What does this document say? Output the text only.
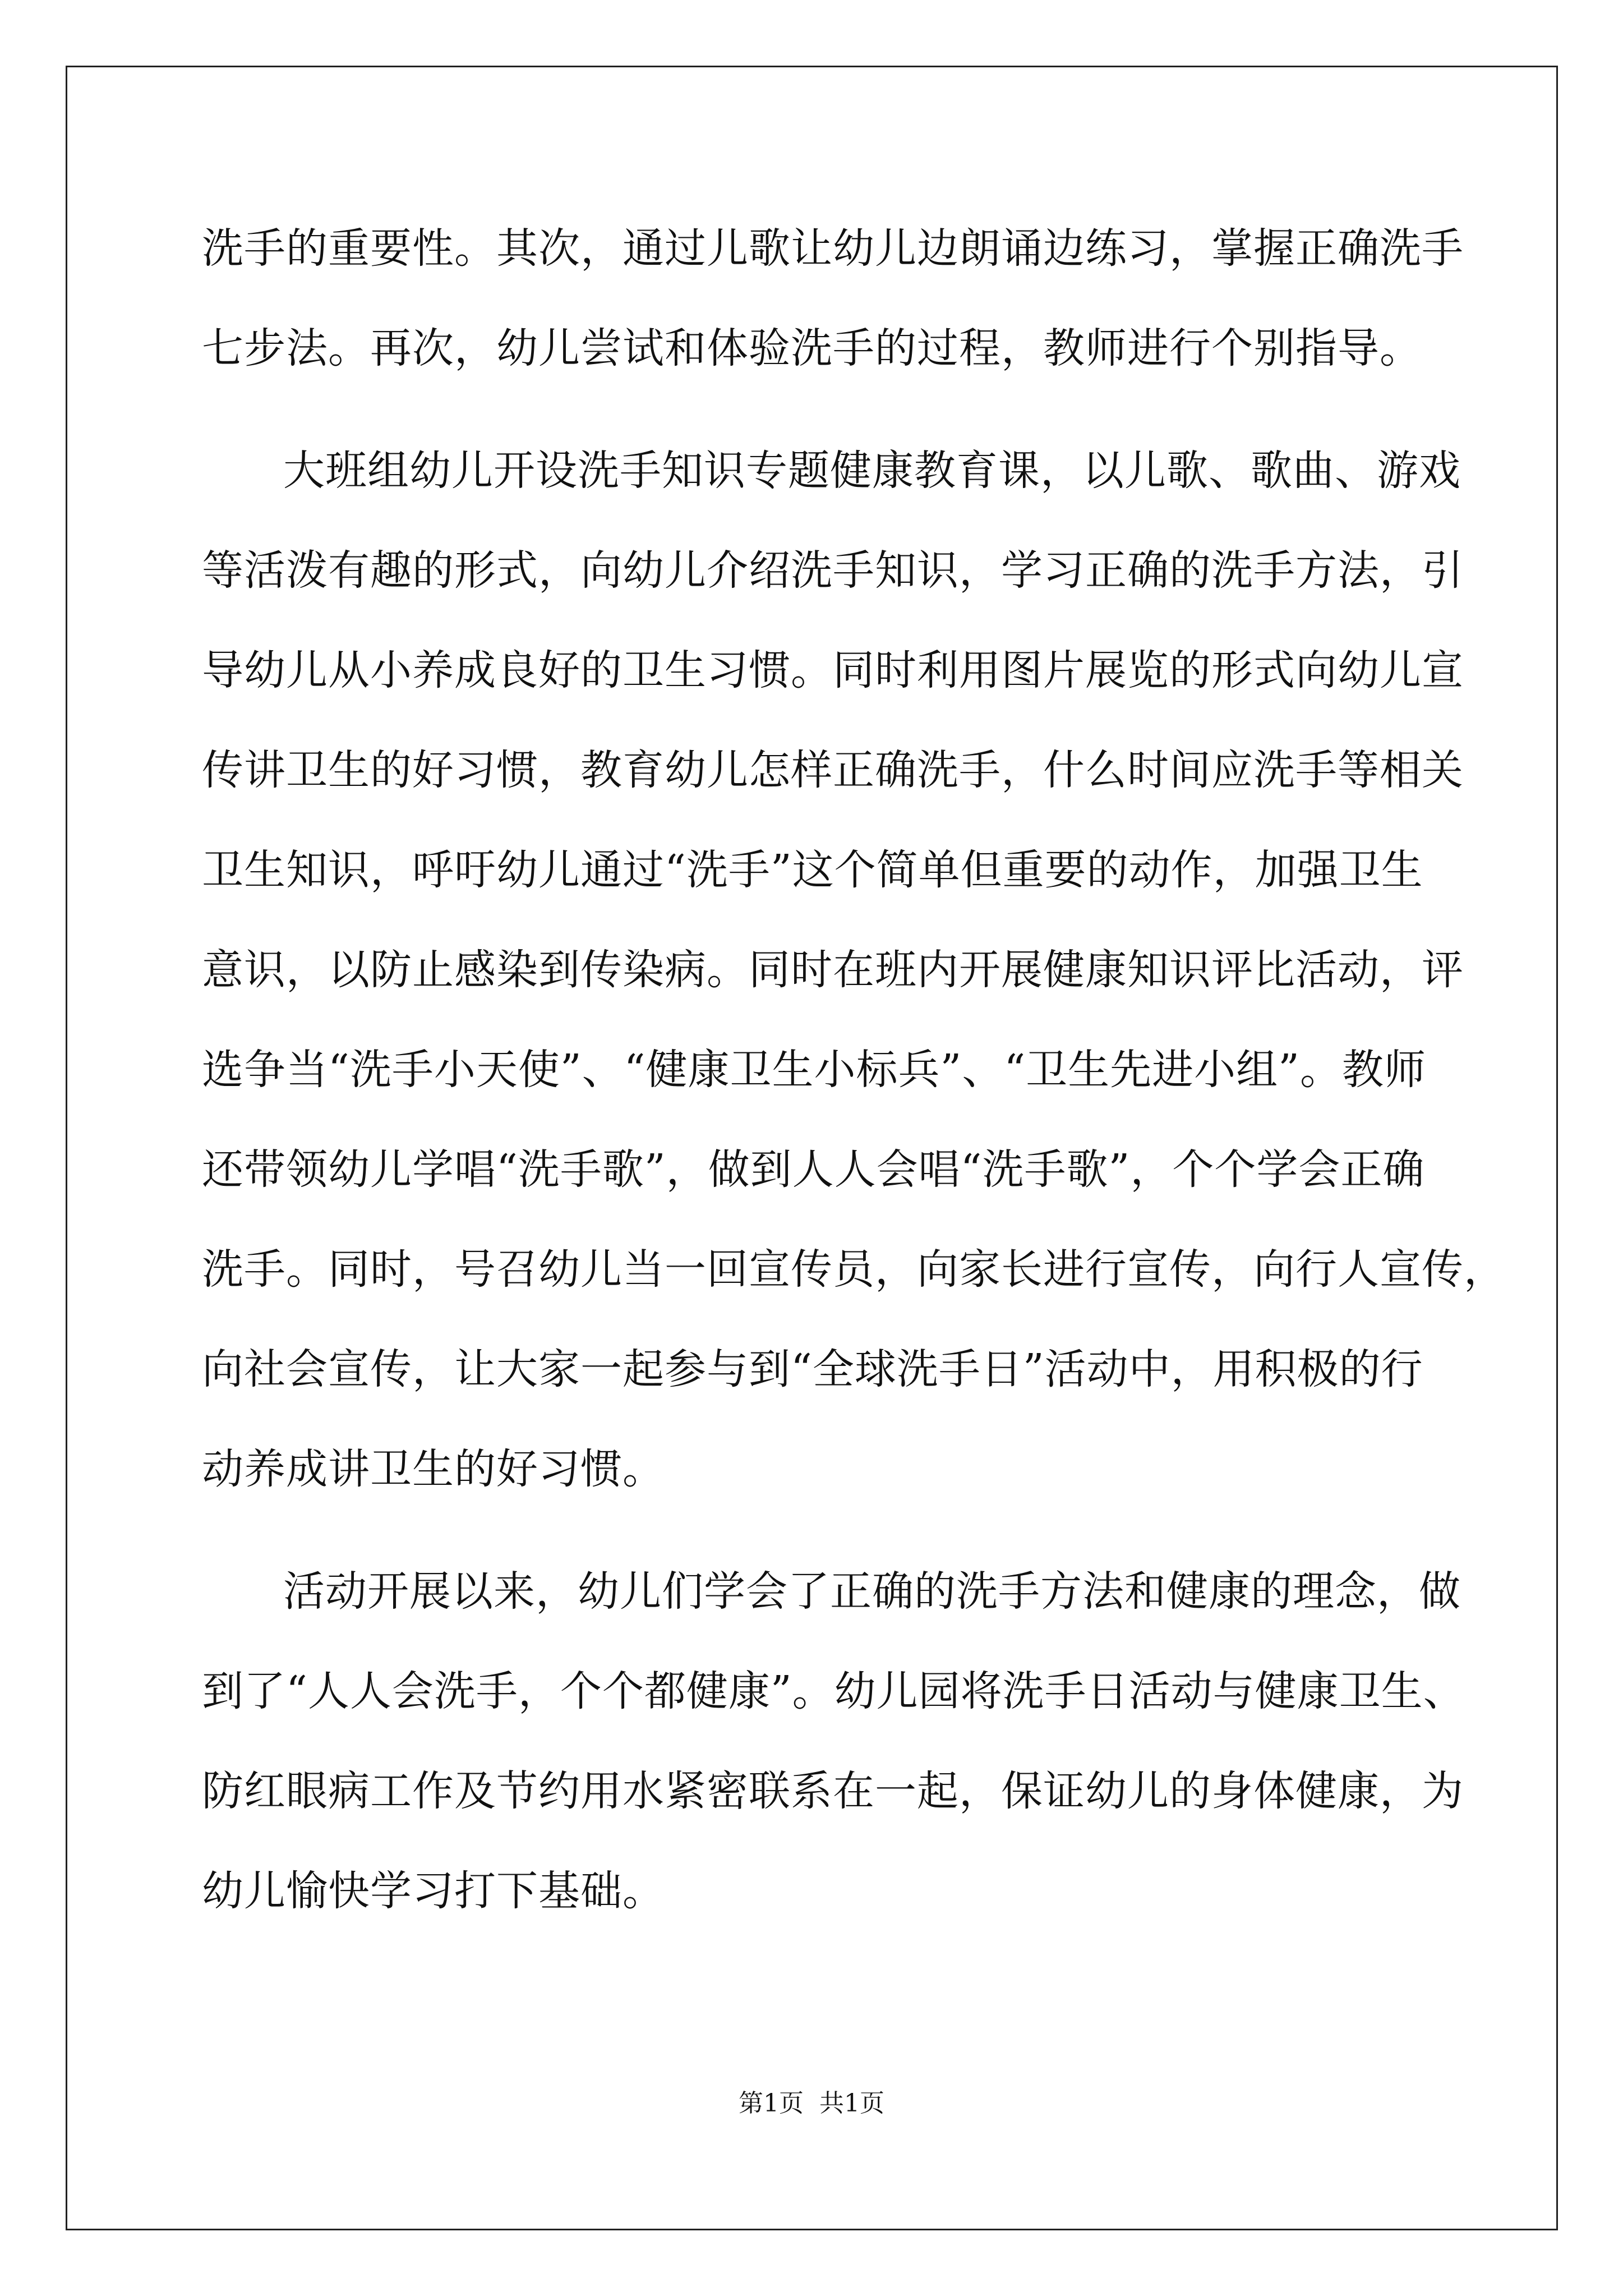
洗手的重要性。其次，通过儿歌让幼儿边朗诵边练习，掌握正确洗手
七步法。再次，幼儿尝试和体验洗手的过程，教师进行个别指导。
大班组幼儿开设洗手知识专题健康教育课，以儿歌、歌曲、游戏
等活泼有趣的形式，向幼儿介绍洗手知识，学习正确的洗手方法，引
导幼儿从小养成良好的卫生习惯。同时利用图片展览的形式向幼儿宣
传讲卫生的好习惯，教育幼儿怎样正确洗手，什么时间应洗手等相关
卫生知识，呼吁幼儿通过“洗手”这个简单但重要的动作，加强卫生
意识，以防止感染到传染病。同时在班内开展健康知识评比活动，评
选争当“洗手小天使”、“健康卫生小标兵”、“卫生先进小组”。教师
还带领幼儿学唱“洗手歌”，做到人人会唱“洗手歌”，个个学会正确
洗手。同时，号召幼儿当一回宣传员，向家长进行宣传，向行人宣传，
向社会宣传，让大家一起参与到“全球洗手日”活动中，用积极的行
动养成讲卫生的好习惯。
活动开展以来，幼儿们学会了正确的洗手方法和健康的理念，做
到了“人人会洗手，个个都健康”。幼儿园将洗手日活动与健康卫生、
防红眼病工作及节约用水紧密联系在一起，保证幼儿的身体健康，为
幼儿愉快学习打下基础。
第1页 共1页
